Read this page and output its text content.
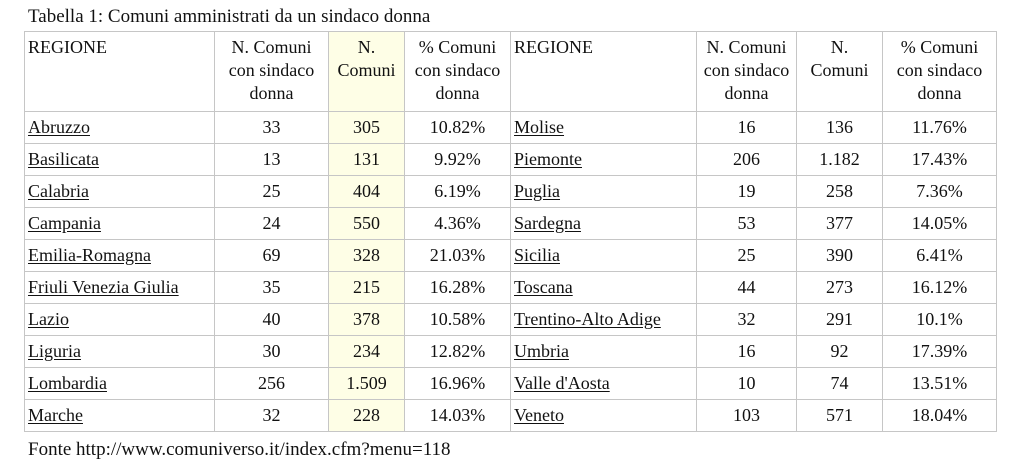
Tabella 1: Comuni amministrati da un sindaco donna
REGIONE	N. Comuni con sindaco donna	N. Comuni	% Comuni con sindaco donna	REGIONE	N. Comuni con sindaco donna	N. Comuni	% Comuni con sindaco donna
Abruzzo	33	305	10.82%	Molise	16	136	11.76%
Basilicata	13	131	9.92%	Piemonte	206	1.182	17.43%
Calabria	25	404	6.19%	Puglia	19	258	7.36%
Campania	24	550	4.36%	Sardegna	53	377	14.05%
Emilia-Romagna	69	328	21.03%	Sicilia	25	390	6.41%
Friuli Venezia Giulia	35	215	16.28%	Toscana	44	273	16.12%
Lazio	40	378	10.58%	Trentino-Alto Adige	32	291	10.1%
Liguria	30	234	12.82%	Umbria	16	92	17.39%
Lombardia	256	1.509	16.96%	Valle d'Aosta	10	74	13.51%
Marche	32	228	14.03%	Veneto	103	571	18.04%
Fonte http://www.comuniverso.it/index.cfm?menu=118
